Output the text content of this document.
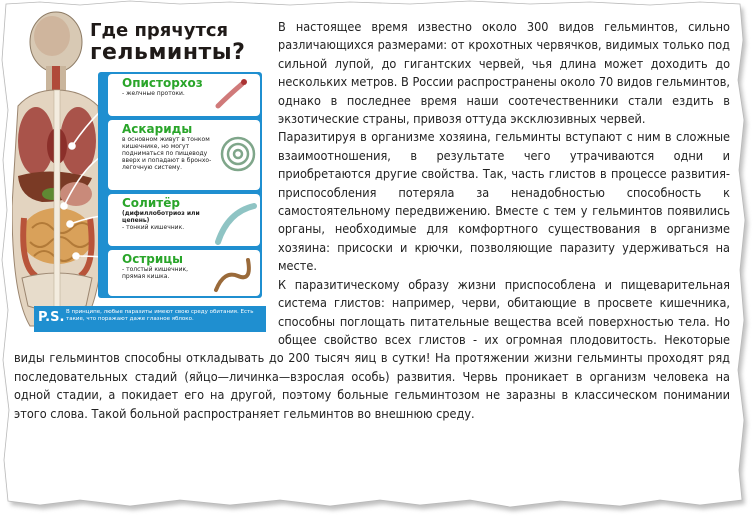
Где прячутся
гельминты?
Описторхоз
- желчные протоки.
Аскариды
в основном живут в тонком кишечнике, но могут подниматься по пищеводу вверх и попадают в бронхо-легочную систему.
Солитёр
(дифиллоботриоз или цепень)
- тонкий кишечник.
Острицы
- толстый кишечник, прямая кишка.
P.S. В принципе, любые паразиты имеют свою среду обитания. Есть такие, что поражают даже глазное яблоко.

В настоящее время известно около 300 видов гельминтов, сильно различающихся размерами: от крохотных червячков, видимых только под сильной лупой, до гигантских червей, чья длина может доходить до нескольких метров. В России распространены около 70 видов гельминтов, однако в последнее время наши соотечественники стали ездить в экзотические страны, привозя оттуда эксклюзивных червей.

Паразитируя в организме хозяина, гельминты вступают с ним в сложные взаимоотношения, в результате чего утрачиваются одни и приобретаются другие свойства. Так, часть глистов в процессе развития-приспособления потеряла за ненадобностью способность к самостоятельному передвижению. Вместе с тем у гельминтов появились органы, необходимые для комфортного существования в организме хозяина: присоски и крючки, позволяющие паразиту удерживаться на месте.

К паразитическому образу жизни приспособлена и пищеварительная система глистов: например, черви, обитающие в просвете кишечника, способны поглощать питательные вещества всей поверхностью тела. Но общее свойство всех глистов - их огромная плодовитость. Некоторые виды гельминтов способны откладывать до 200 тысяч яиц в сутки! На протяжении жизни гельминты проходят ряд последовательных стадий (яйцо—личинка—взрослая особь) развития. Червь проникает в организм человека на одной стадии, а покидает его на другой, поэтому больные гельминтозом не заразны в классическом понимании этого слова. Такой больной распространяет гельминтов во внешнюю среду.
